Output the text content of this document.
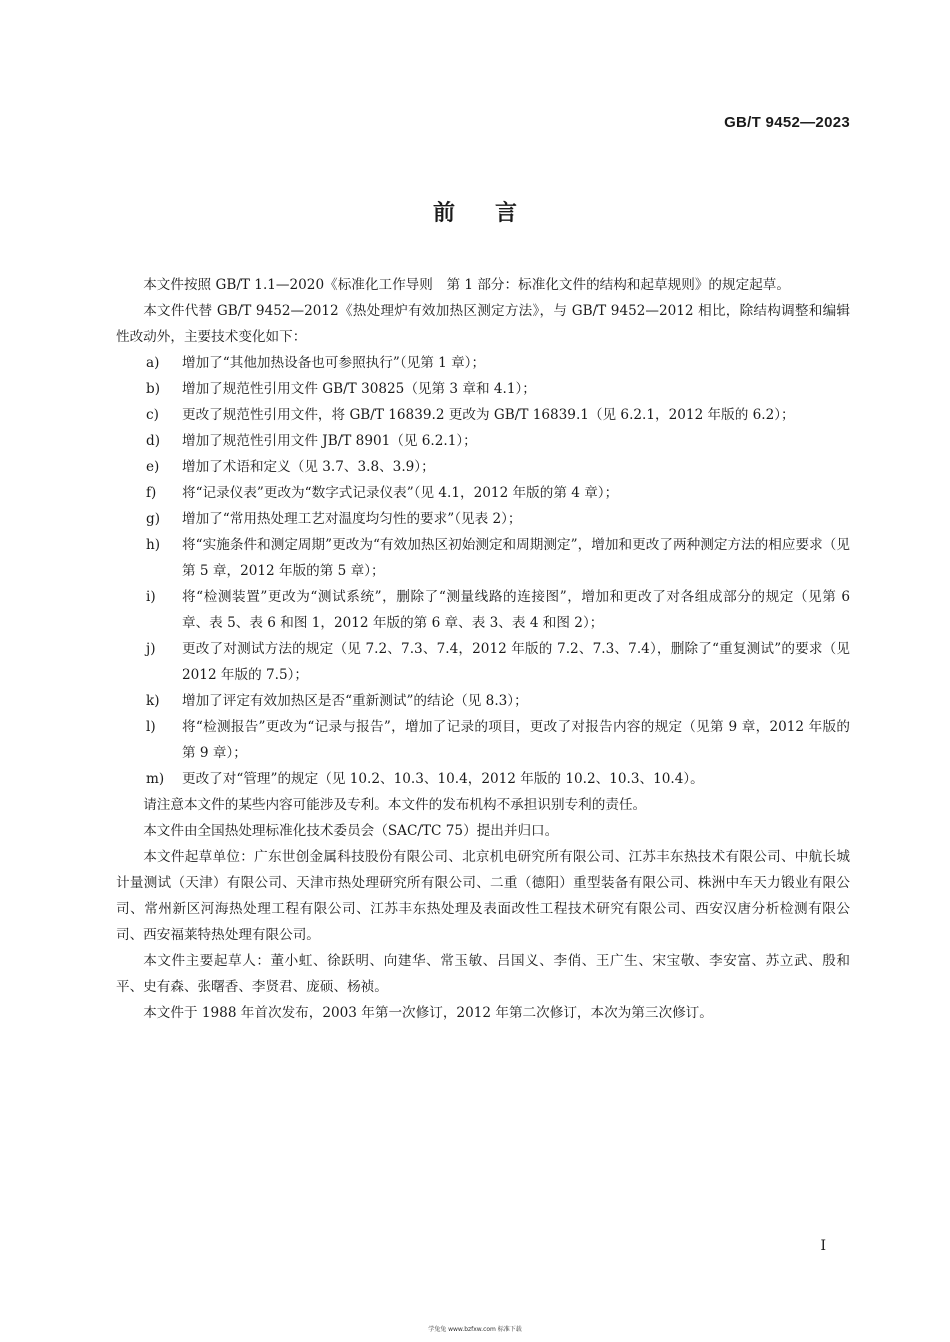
GB/T 9452—2023
前言

本文件按照 GB/T 1.1—2020《标准化工作导则　第 1 部分：标准化文件的结构和起草规则》的规定起草。

本文件代替 GB/T 9452—2012《热处理炉有效加热区测定方法》，与 GB/T 9452—2012 相比，除结构调整和编辑性改动外，主要技术变化如下：

a)	增加了“其他加热设备也可参照执行”（见第 1 章）；
b)	增加了规范性引用文件 GB/T 30825（见第 3 章和 4.1）；
c)	更改了规范性引用文件，将 GB/T 16839.2 更改为 GB/T 16839.1（见 6.2.1，2012 年版的 6.2）；
d)	增加了规范性引用文件 JB/T 8901（见 6.2.1）；
e)	增加了术语和定义（见 3.7、3.8、3.9）；
f)	将“记录仪表”更改为“数字式记录仪表”（见 4.1，2012 年版的第 4 章）；
g)	增加了“常用热处理工艺对温度均匀性的要求”（见表 2）；
h)	将“实施条件和测定周期”更改为“有效加热区初始测定和周期测定”，增加和更改了两种测定方法的相应要求（见第 5 章，2012 年版的第 5 章）；
i)	将“检测装置”更改为“测试系统”，删除了“测量线路的连接图”，增加和更改了对各组成部分的规定（见第 6 章、表 5、表 6 和图 1，2012 年版的第 6 章、表 3、表 4 和图 2）；
j)	更改了对测试方法的规定（见 7.2、7.3、7.4，2012 年版的 7.2、7.3、7.4），删除了“重复测试”的要求（见 2012 年版的 7.5）；
k)	增加了评定有效加热区是否“重新测试”的结论（见 8.3）；
l)	将“检测报告”更改为“记录与报告”，增加了记录的项目，更改了对报告内容的规定（见第 9 章，2012 年版的第 9 章）；
m)	更改了对“管理”的规定（见 10.2、10.3、10.4，2012 年版的 10.2、10.3、10.4）。

请注意本文件的某些内容可能涉及专利。本文件的发布机构不承担识别专利的责任。

本文件由全国热处理标准化技术委员会（SAC/TC 75）提出并归口。

本文件起草单位：广东世创金属科技股份有限公司、北京机电研究所有限公司、江苏丰东热技术有限公司、中航长城计量测试（天津）有限公司、天津市热处理研究所有限公司、二重（德阳）重型装备有限公司、株洲中车天力锻业有限公司、常州新区河海热处理工程有限公司、江苏丰东热处理及表面改性工程技术研究有限公司、西安汉唐分析检测有限公司、西安福莱特热处理有限公司。

本文件主要起草人：董小虹、徐跃明、向建华、常玉敏、吕国义、李俏、王广生、宋宝敬、李安富、苏立武、殷和平、史有森、张曙香、李贤君、庞硕、杨祯。

本文件于 1988 年首次发布，2003 年第一次修订，2012 年第二次修订，本次为第三次修订。

I
学兔兔 www.bzfxw.com 标准下载
